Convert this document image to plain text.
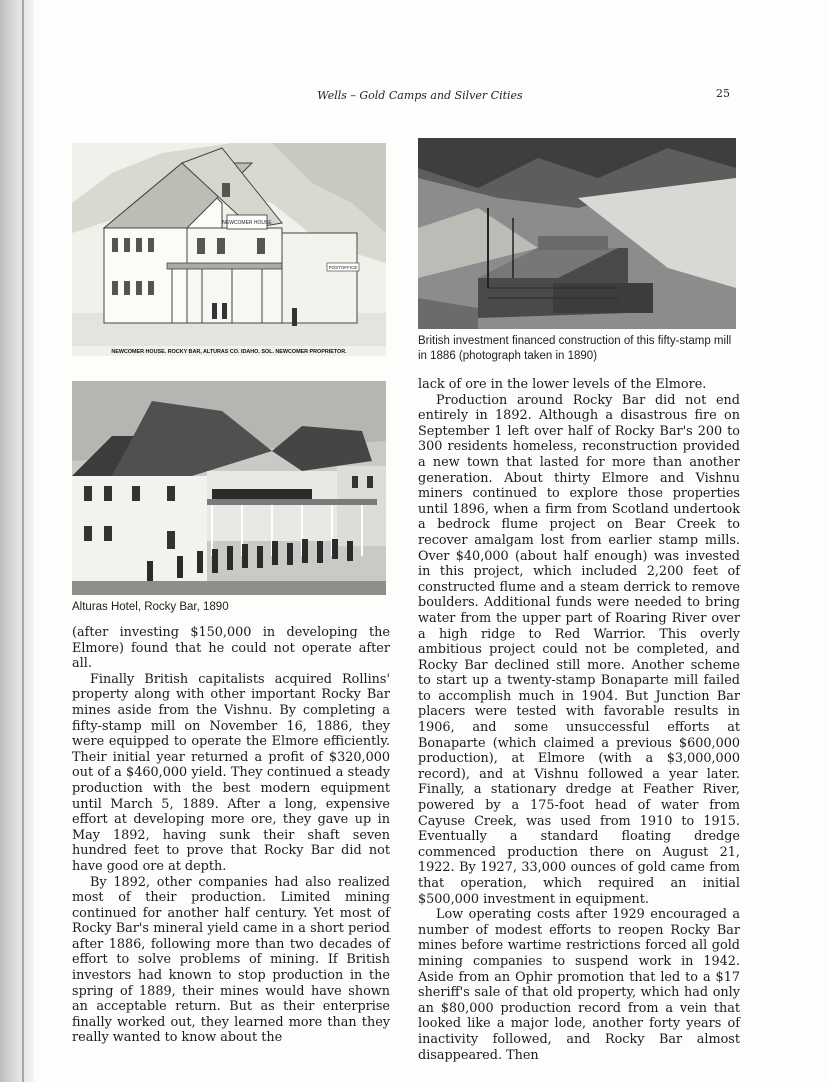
Wells – Gold Camps and Silver Cities	25
NEWCOMER HOUSE
POSTOFFICE
NEWCOMER HOUSE. ROCKY BAR, ALTURAS CO. IDAHO. SOL. NEWCOMER PROPRIETOR.
British investment financed construction of this fifty-stamp mill in 1886 (photograph taken in 1890)
Alturas Hotel, Rocky Bar, 1890

(after investing $150,000 in developing the Elmore) found that he could not operate after all.

Finally British capitalists acquired Rollins' property along with other important Rocky Bar mines aside from the Vishnu. By completing a fifty-stamp mill on November 16, 1886, they were equipped to operate the Elmore efficiently. Their initial year returned a profit of $320,000 out of a $460,000 yield. They continued a steady production with the best modern equipment until March 5, 1889. After a long, expensive effort at developing more ore, they gave up in May 1892, having sunk their shaft seven hundred feet to prove that Rocky Bar did not have good ore at depth.

By 1892, other companies had also realized most of their production. Limited mining continued for another half century. Yet most of Rocky Bar's mineral yield came in a short period after 1886, following more than two decades of effort to solve problems of mining. If British investors had known to stop production in the spring of 1889, their mines would have shown an acceptable return. But as their enterprise finally worked out, they learned more than they really wanted to know about the

lack of ore in the lower levels of the Elmore.

Production around Rocky Bar did not end entirely in 1892. Although a disastrous fire on September 1 left over half of Rocky Bar's 200 to 300 residents homeless, reconstruction provided a new town that lasted for more than another generation. About thirty Elmore and Vishnu miners continued to explore those properties until 1896, when a firm from Scotland undertook a bedrock flume project on Bear Creek to recover amalgam lost from earlier stamp mills. Over $40,000 (about half enough) was invested in this project, which included 2,200 feet of constructed flume and a steam derrick to remove boulders. Additional funds were needed to bring water from the upper part of Roaring River over a high ridge to Red Warrior. This overly ambitious project could not be completed, and Rocky Bar declined still more. Another scheme to start up a twenty-stamp Bonaparte mill failed to accomplish much in 1904. But Junction Bar placers were tested with favorable results in 1906, and some unsuccessful efforts at Bonaparte (which claimed a previous $600,000 production), at Elmore (with a $3,000,000 record), and at Vishnu followed a year later. Finally, a stationary dredge at Feather River, powered by a 175-foot head of water from Cayuse Creek, was used from 1910 to 1915. Eventually a standard floating dredge commenced production there on August 21, 1922. By 1927, 33,000 ounces of gold came from that operation, which required an initial $500,000 investment in equipment.

Low operating costs after 1929 encouraged a number of modest efforts to reopen Rocky Bar mines before wartime restrictions forced all gold mining companies to suspend work in 1942. Aside from an Ophir promotion that led to a $17 sheriff's sale of that old property, which had only an $80,000 production record from a vein that looked like a major lode, another forty years of inactivity followed, and Rocky Bar almost disappeared. Then
